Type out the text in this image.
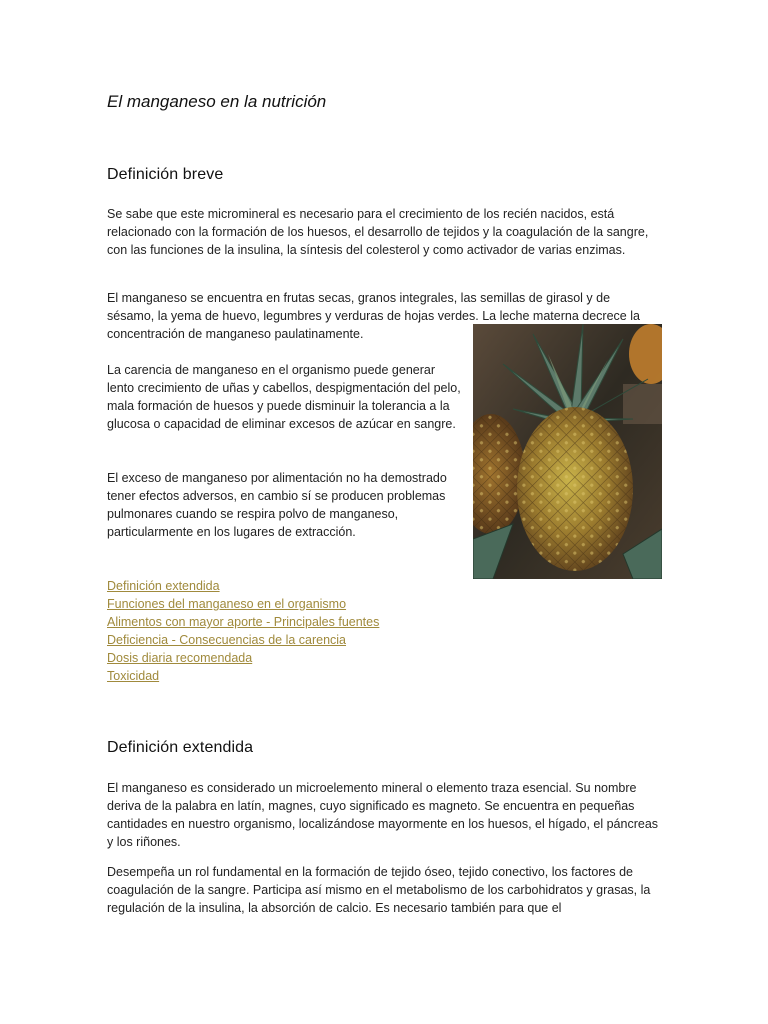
El manganeso en la nutrición
Definición breve

Se sabe que este micromineral es necesario para el crecimiento de los recién nacidos, está relacionado con la formación de los huesos, el desarrollo de tejidos y la coagulación de la sangre, con las funciones de la insulina, la síntesis del colesterol y como activador de varias enzimas.

El manganeso se encuentra en frutas secas, granos integrales, las semillas de girasol y de sésamo, la yema de huevo, legumbres y verduras de hojas verdes. La leche materna decrece la concentración de manganeso paulatinamente.

La carencia de manganeso en el organismo puede generar lento crecimiento de uñas y cabellos, despigmentación del pelo, mala formación de huesos y puede disminuir la tolerancia a la glucosa o capacidad de eliminar excesos de azúcar en sangre.

El exceso de manganeso por alimentación no ha demostrado tener efectos adversos, en cambio sí se producen problemas pulmonares cuando se respira polvo de manganeso, particularmente en los lugares de extracción.

Definición extendida
Funciones del manganeso en el organismo
Alimentos con mayor aporte - Principales fuentes
Deficiencia - Consecuencias de la carencia
Dosis diaria recomendada
Toxicidad
Definición extendida

El manganeso es considerado un microelemento mineral o elemento traza esencial. Su nombre deriva de la palabra en latín, magnes, cuyo significado es magneto. Se encuentra en pequeñas cantidades en nuestro organismo, localizándose mayormente en los huesos, el hígado, el páncreas y los riñones.

Desempeña un rol fundamental en la formación de tejido óseo, tejido conectivo, los factores de coagulación de la sangre. Participa así mismo en el metabolismo de los carbohidratos y grasas, la regulación de la insulina, la absorción de calcio. Es necesario también para que el
